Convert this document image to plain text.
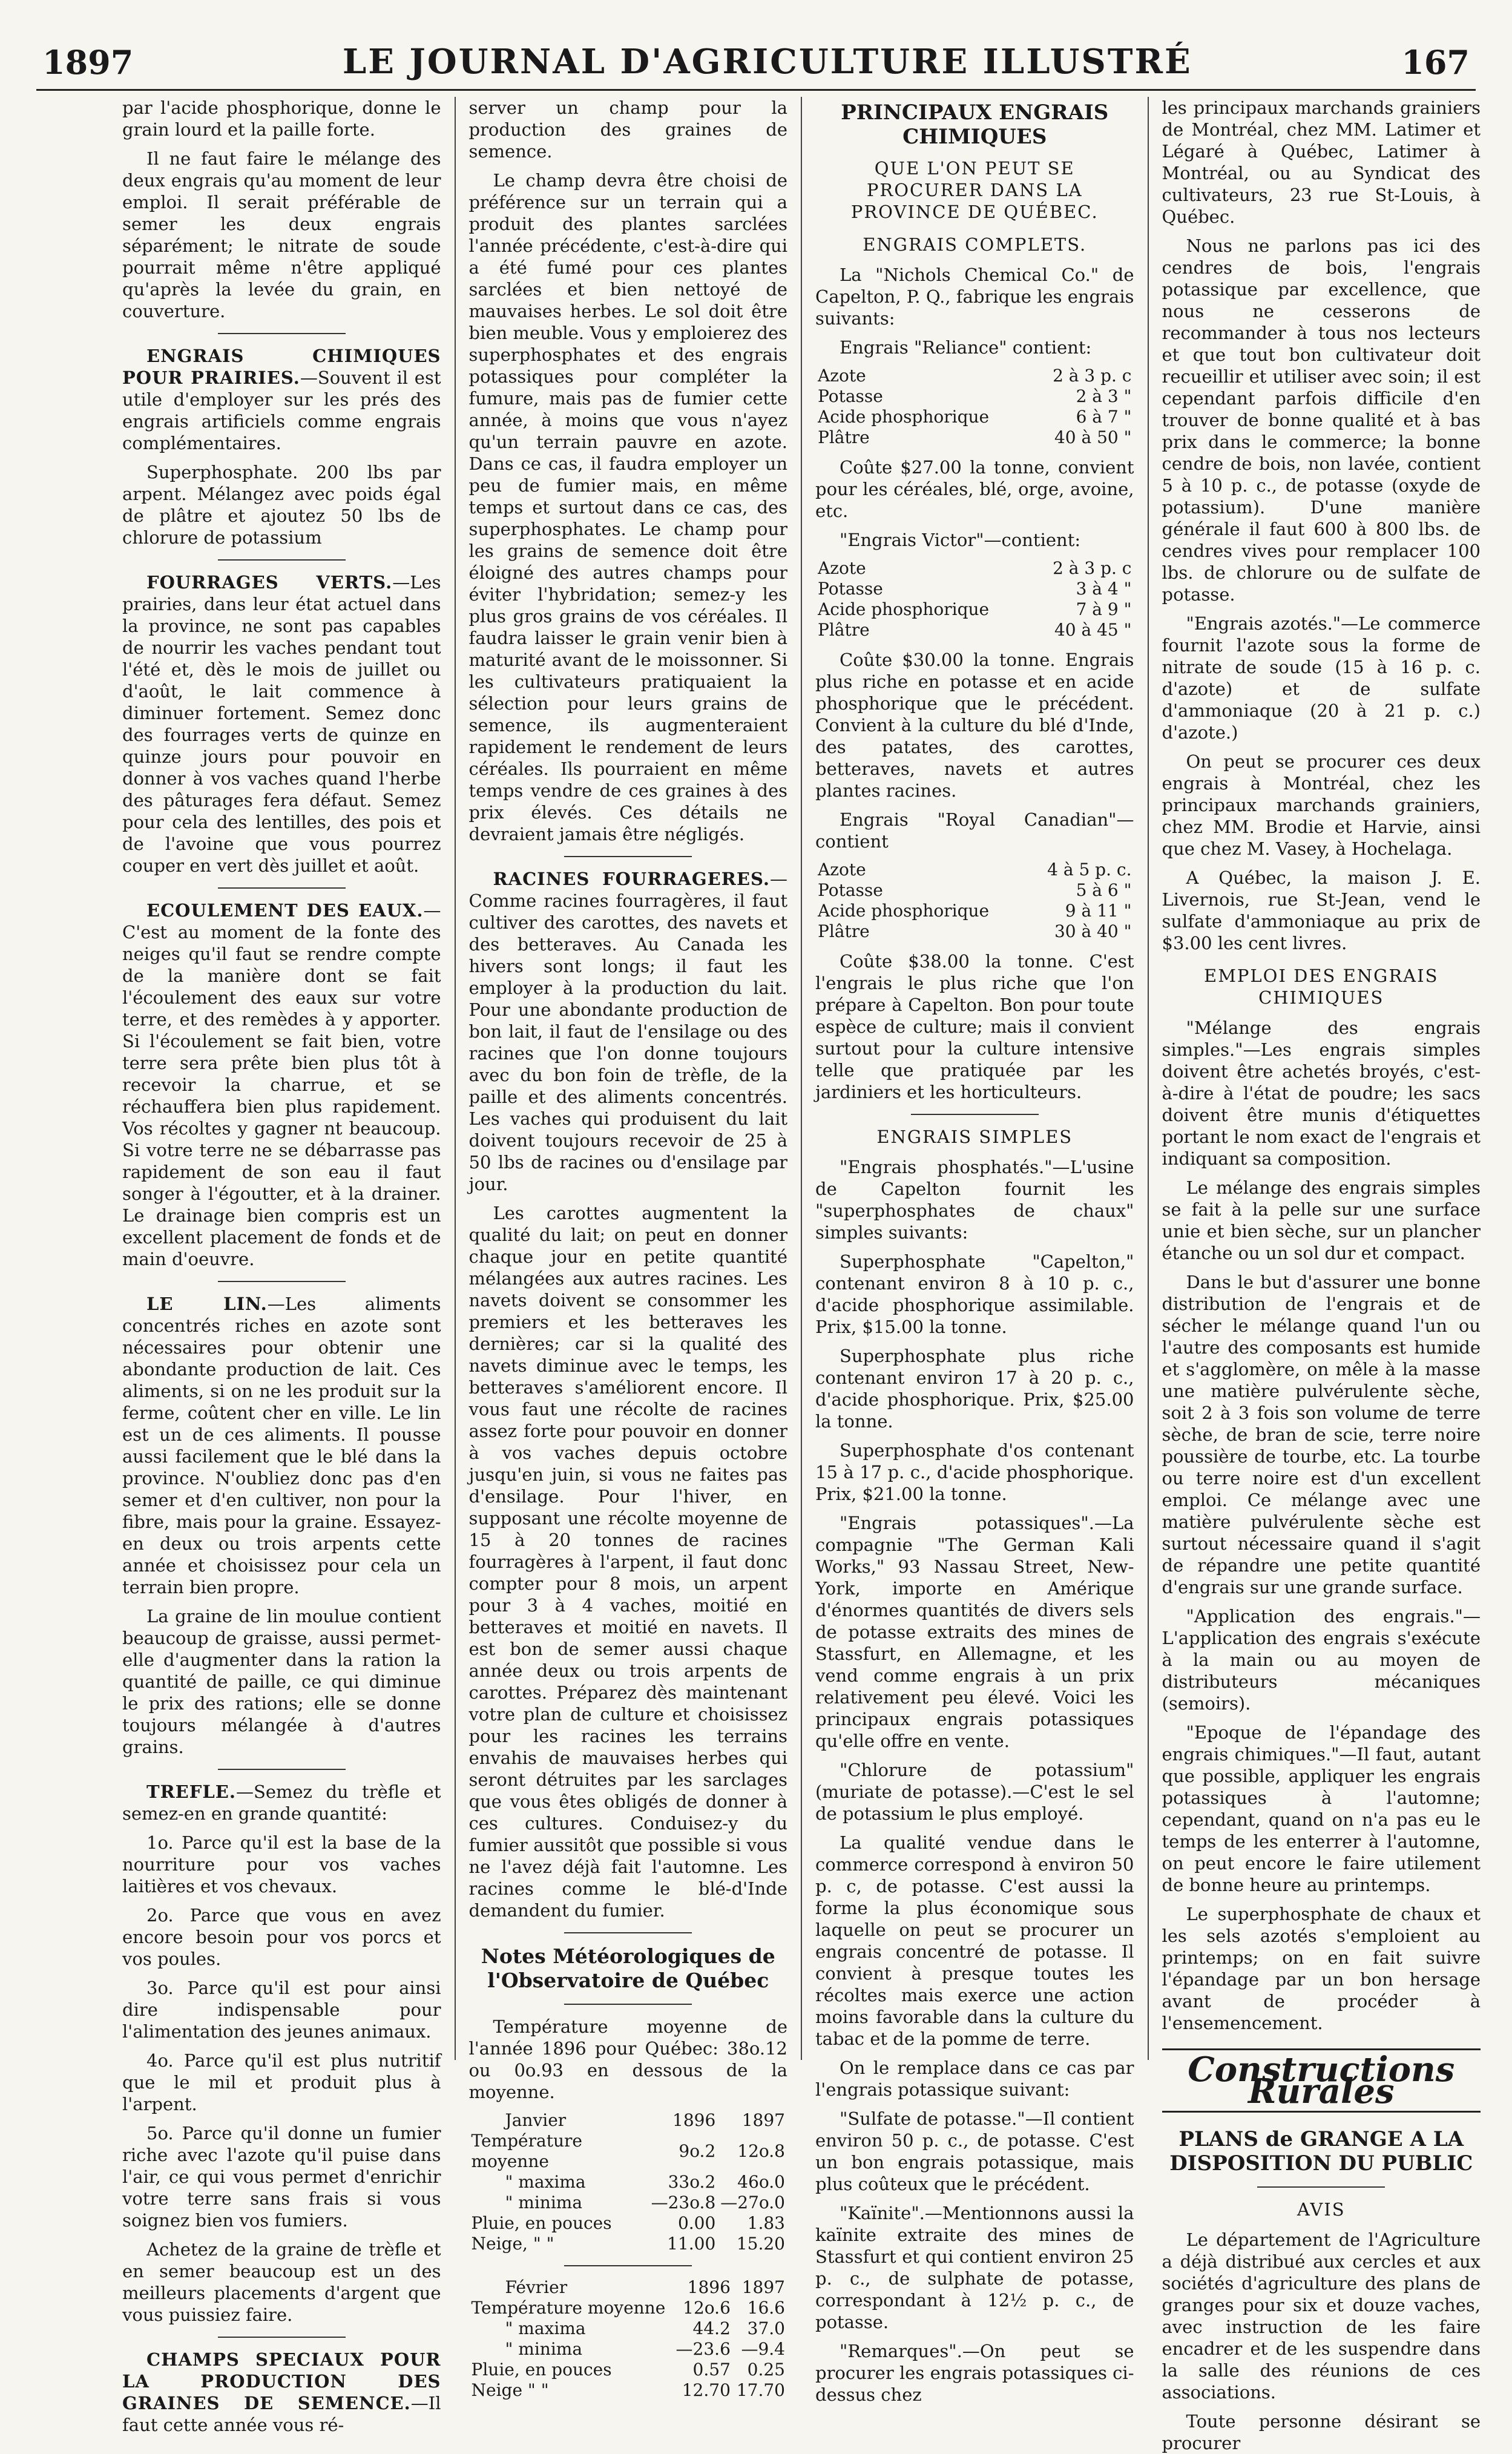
1897	LE JOURNAL D'AGRICULTURE ILLUSTRÉ	167

par l'acide phosphorique, donne le grain lourd et la paille forte.

Il ne faut faire le mélange des deux engrais qu'au moment de leur emploi. Il serait préférable de semer les deux engrais séparément; le nitrate de soude pourrait même n'être appliqué qu'après la levée du grain, en couverture.

ENGRAIS CHIMIQUES POUR PRAIRIES.—Souvent il est utile d'employer sur les prés des engrais artificiels comme engrais complémentaires.

Superphosphate. 200 lbs par arpent. Mélangez avec poids égal de plâtre et ajoutez 50 lbs de chlorure de potassium

FOURRAGES VERTS.—Les prairies, dans leur état actuel dans la province, ne sont pas capables de nourrir les vaches pendant tout l'été et, dès le mois de juillet ou d'août, le lait commence à diminuer fortement. Semez donc des fourrages verts de quinze en quinze jours pour pouvoir en donner à vos vaches quand l'herbe des pâturages fera défaut. Semez pour cela des lentilles, des pois et de l'avoine que vous pourrez couper en vert dès juillet et août.

ECOULEMENT DES EAUX.—C'est au moment de la fonte des neiges qu'il faut se rendre compte de la manière dont se fait l'écoulement des eaux sur votre terre, et des remèdes à y apporter. Si l'écoulement se fait bien, votre terre sera prête bien plus tôt à recevoir la charrue, et se réchauffera bien plus rapidement. Vos récoltes y gagner nt beaucoup. Si votre terre ne se débarrasse pas rapidement de son eau il faut songer à l'égoutter, et à la drainer. Le drainage bien compris est un excellent placement de fonds et de main d'oeuvre.

LE LIN.—Les aliments concentrés riches en azote sont nécessaires pour obtenir une abondante production de lait. Ces aliments, si on ne les produit sur la ferme, coûtent cher en ville. Le lin est un de ces aliments. Il pousse aussi facilement que le blé dans la province. N'oubliez donc pas d'en semer et d'en cultiver, non pour la fibre, mais pour la graine. Essayez-en deux ou trois arpents cette année et choisissez pour cela un terrain bien propre.

La graine de lin moulue contient beaucoup de graisse, aussi permet-elle d'augmenter dans la ration la quantité de paille, ce qui diminue le prix des rations; elle se donne toujours mélangée à d'autres grains.

TREFLE.—Semez du trèfle et semez-en en grande quantité:

1o. Parce qu'il est la base de la nourriture pour vos vaches laitières et vos chevaux.

2o. Parce que vous en avez encore besoin pour vos porcs et vos poules.

3o. Parce qu'il est pour ainsi dire indispensable pour l'alimentation des jeunes animaux.

4o. Parce qu'il est plus nutritif que le mil et produit plus à l'arpent.

5o. Parce qu'il donne un fumier riche avec l'azote qu'il puise dans l'air, ce qui vous permet d'enrichir votre terre sans frais si vous soignez bien vos fumiers.

Achetez de la graine de trèfle et en semer beaucoup est un des meilleurs placements d'argent que vous puissiez faire.

CHAMPS SPECIAUX POUR LA PRODUCTION DES GRAINES DE SEMENCE.—Il faut cette année vous ré-

server un champ pour la production des graines de semence.

Le champ devra être choisi de préférence sur un terrain qui a produit des plantes sarclées l'année précédente, c'est-à-dire qui a été fumé pour ces plantes sarclées et bien nettoyé de mauvaises herbes. Le sol doit être bien meuble. Vous y emploierez des superphosphates et des engrais potassiques pour compléter la fumure, mais pas de fumier cette année, à moins que vous n'ayez qu'un terrain pauvre en azote. Dans ce cas, il faudra employer un peu de fumier mais, en même temps et surtout dans ce cas, des superphosphates. Le champ pour les grains de semence doit être éloigné des autres champs pour éviter l'hybridation; semez-y les plus gros grains de vos céréales. Il faudra laisser le grain venir bien à maturité avant de le moissonner. Si les cultivateurs pratiquaient la sélection pour leurs grains de semence, ils augmenteraient rapidement le rendement de leurs céréales. Ils pourraient en même temps vendre de ces graines à des prix élevés. Ces détails ne devraient jamais être négligés.

RACINES FOURRAGERES.—Comme racines fourragères, il faut cultiver des carottes, des navets et des betteraves. Au Canada les hivers sont longs; il faut les employer à la production du lait. Pour une abondante production de bon lait, il faut de l'ensilage ou des racines que l'on donne toujours avec du bon foin de trèfle, de la paille et des aliments concentrés. Les vaches qui produisent du lait doivent toujours recevoir de 25 à 50 lbs de racines ou d'ensilage par jour.

Les carottes augmentent la qualité du lait; on peut en donner chaque jour en petite quantité mélangées aux autres racines. Les navets doivent se consommer les premiers et les betteraves les dernières; car si la qualité des navets diminue avec le temps, les betteraves s'améliorent encore. Il vous faut une récolte de racines assez forte pour pouvoir en donner à vos vaches depuis octobre jusqu'en juin, si vous ne faites pas d'ensilage. Pour l'hiver, en supposant une récolte moyenne de 15 à 20 tonnes de racines fourragères à l'arpent, il faut donc compter pour 8 mois, un arpent pour 3 à 4 vaches, moitié en betteraves et moitié en navets. Il est bon de semer aussi chaque année deux ou trois arpents de carottes. Préparez dès maintenant votre plan de culture et choisissez pour les racines les terrains envahis de mauvaises herbes qui seront détruites par les sarclages que vous êtes obligés de donner à ces cultures. Conduisez-y du fumier aussitôt que possible si vous ne l'avez déjà fait l'automne. Les racines comme le blé-d'Inde demandent du fumier.

Notes Météorologiques de l'Observatoire de Québec

Température moyenne de l'année 1896 pour Québec: 38o.12 ou 0o.93 en dessous de la moyenne.

Janvier	1896	1897
Température moyenne	9o.2	12o.8
" maxima	33o.2	46o.0
" minima	—23o.8	—27o.0
Pluie, en pouces	0.00	1.83
Neige, " "	11.00	15.20
Février	1896	1897
Température moyenne	12o.6	16.6
" maxima	44.2	37.0
" minima	—23.6	—9.4
Pluie, en pouces	0.57	0.25
Neige " "	12.70	17.70
PRINCIPAUX ENGRAIS CHIMIQUES
QUE L'ON PEUT SE PROCURER DANS LA PROVINCE DE QUÉBEC.
ENGRAIS COMPLETS.

La "Nichols Chemical Co." de Capelton, P. Q., fabrique les engrais suivants:

Engrais "Reliance" contient:

Azote	2 à 3 p. c
Potasse	2 à 3 "
Acide phosphorique	6 à 7 "
Plâtre	40 à 50 "

Coûte $27.00 la tonne, convient pour les céréales, blé, orge, avoine, etc.

"Engrais Victor"—contient:

Azote	2 à 3 p. c
Potasse	3 à 4 "
Acide phosphorique	7 à 9 "
Plâtre	40 à 45 "

Coûte $30.00 la tonne. Engrais plus riche en potasse et en acide phosphorique que le précédent. Convient à la culture du blé d'Inde, des patates, des carottes, betteraves, navets et autres plantes racines.

Engrais "Royal Canadian"—contient

Azote	4 à 5 p. c.
Potasse	5 à 6 "
Acide phosphorique	9 à 11 "
Plâtre	30 à 40 "

Coûte $38.00 la tonne. C'est l'engrais le plus riche que l'on prépare à Capelton. Bon pour toute espèce de culture; mais il convient surtout pour la culture intensive telle que pratiquée par les jardiniers et les horticulteurs.

ENGRAIS SIMPLES

"Engrais phosphatés."—L'usine de Capelton fournit les "superphosphates de chaux" simples suivants:

Superphosphate "Capelton," contenant environ 8 à 10 p. c., d'acide phosphorique assimilable. Prix, $15.00 la tonne.

Superphosphate plus riche contenant environ 17 à 20 p. c., d'acide phosphorique. Prix, $25.00 la tonne.

Superphosphate d'os contenant 15 à 17 p. c., d'acide phosphorique. Prix, $21.00 la tonne.

"Engrais potassiques".—La compagnie "The German Kali Works," 93 Nassau Street, New-York, importe en Amérique d'énormes quantités de divers sels de potasse extraits des mines de Stassfurt, en Allemagne, et les vend comme engrais à un prix relativement peu élevé. Voici les principaux engrais potassiques qu'elle offre en vente.

"Chlorure de potassium" (muriate de potasse).—C'est le sel de potassium le plus employé.

La qualité vendue dans le commerce correspond à environ 50 p. c, de potasse. C'est aussi la forme la plus économique sous laquelle on peut se procurer un engrais concentré de potasse. Il convient à presque toutes les récoltes mais exerce une action moins favorable dans la culture du tabac et de la pomme de terre.

On le remplace dans ce cas par l'engrais potassique suivant:

"Sulfate de potasse."—Il contient environ 50 p. c., de potasse. C'est un bon engrais potassique, mais plus coûteux que le précédent.

"Kaïnite".—Mentionnons aussi la kaïnite extraite des mines de Stassfurt et qui contient environ 25 p. c., de sulphate de potasse, correspondant à 12½ p. c., de potasse.

"Remarques".—On peut se procurer les engrais potassiques ci-dessus chez

les principaux marchands grainiers de Montréal, chez MM. Latimer et Légaré à Québec, Latimer à Montréal, ou au Syndicat des cultivateurs, 23 rue St-Louis, à Québec.

Nous ne parlons pas ici des cendres de bois, l'engrais potassique par excellence, que nous ne cesserons de recommander à tous nos lecteurs et que tout bon cultivateur doit recueillir et utiliser avec soin; il est cependant parfois difficile d'en trouver de bonne qualité et à bas prix dans le commerce; la bonne cendre de bois, non lavée, contient 5 à 10 p. c., de potasse (oxyde de potassium). D'une manière générale il faut 600 à 800 lbs. de cendres vives pour remplacer 100 lbs. de chlorure ou de sulfate de potasse.

"Engrais azotés."—Le commerce fournit l'azote sous la forme de nitrate de soude (15 à 16 p. c. d'azote) et de sulfate d'ammoniaque (20 à 21 p. c.) d'azote.)

On peut se procurer ces deux engrais à Montréal, chez les principaux marchands grainiers, chez MM. Brodie et Harvie, ainsi que chez M. Vasey, à Hochelaga.

A Québec, la maison J. E. Livernois, rue St-Jean, vend le sulfate d'ammoniaque au prix de $3.00 les cent livres.

EMPLOI DES ENGRAIS CHIMIQUES

"Mélange des engrais simples."—Les engrais simples doivent être achetés broyés, c'est-à-dire à l'état de poudre; les sacs doivent être munis d'étiquettes portant le nom exact de l'engrais et indiquant sa composition.

Le mélange des engrais simples se fait à la pelle sur une surface unie et bien sèche, sur un plancher étanche ou un sol dur et compact.

Dans le but d'assurer une bonne distribution de l'engrais et de sécher le mélange quand l'un ou l'autre des composants est humide et s'agglomère, on mêle à la masse une matière pulvérulente sèche, soit 2 à 3 fois son volume de terre sèche, de bran de scie, terre noire poussière de tourbe, etc. La tourbe ou terre noire est d'un excellent emploi. Ce mélange avec une matière pulvérulente sèche est surtout nécessaire quand il s'agit de répandre une petite quantité d'engrais sur une grande surface.

"Application des engrais."—L'application des engrais s'exécute à la main ou au moyen de distributeurs mécaniques (semoirs).

"Epoque de l'épandage des engrais chimiques."—Il faut, autant que possible, appliquer les engrais potassiques à l'automne; cependant, quand on n'a pas eu le temps de les enterrer à l'automne, on peut encore le faire utilement de bonne heure au printemps.

Le superphosphate de chaux et les sels azotés s'emploient au printemps; on en fait suivre l'épandage par un bon hersage avant de procéder à l'ensemencement.

Constructions Rurales
PLANS de GRANGE A LA DISPOSITION DU PUBLIC
AVIS

Le département de l'Agriculture a déjà distribué aux cercles et aux sociétés d'agriculture des plans de granges pour six et douze vaches, avec instruction de les faire encadrer et de les suspendre dans la salle des réunions de ces associations.

Toute personne désirant se procurer
